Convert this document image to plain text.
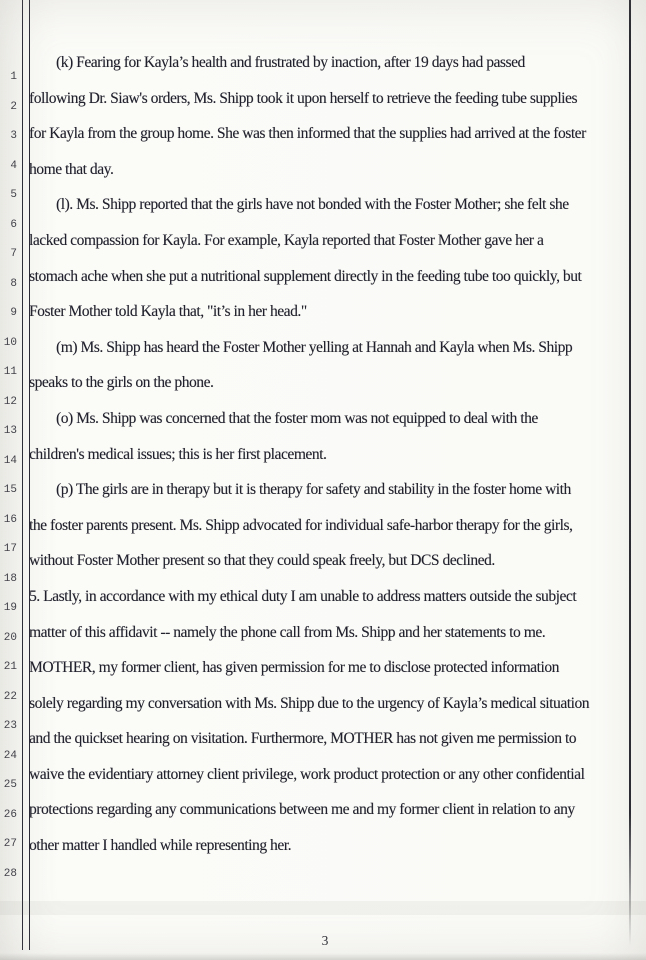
1
2
3
4
5
6
7
8
9
10
11
12
13
14
15
16
17
18
19
20
21
22
23
24
25
26
27
28
(k) Fearing for Kayla’s health and frustrated by inaction, after 19 days had passed
following Dr. Siaw's orders, Ms. Shipp took it upon herself to retrieve the feeding tube supplies
for Kayla from the group home. She was then informed that the supplies had arrived at the foster
home that day.
(l). Ms. Shipp reported that the girls have not bonded with the Foster Mother; she felt she
lacked compassion for Kayla. For example, Kayla reported that Foster Mother gave her a
stomach ache when she put a nutritional supplement directly in the feeding tube too quickly, but
Foster Mother told Kayla that, "it’s in her head."
(m) Ms. Shipp has heard the Foster Mother yelling at Hannah and Kayla when Ms. Shipp
speaks to the girls on the phone.
(o) Ms. Shipp was concerned that the foster mom was not equipped to deal with the
children's medical issues; this is her first placement.
(p) The girls are in therapy but it is therapy for safety and stability in the foster home with
the foster parents present. Ms. Shipp advocated for individual safe-harbor therapy for the girls,
without Foster Mother present so that they could speak freely, but DCS declined.
5. Lastly, in accordance with my ethical duty I am unable to address matters outside the subject
matter of this affidavit -- namely the phone call from Ms. Shipp and her statements to me.
MOTHER, my former client, has given permission for me to disclose protected information
solely regarding my conversation with Ms. Shipp due to the urgency of Kayla’s medical situation
and the quickset hearing on visitation. Furthermore, MOTHER has not given me permission to
waive the evidentiary attorney client privilege, work product protection or any other confidential
protections regarding any communications between me and my former client in relation to any
other matter I handled while representing her.
3
